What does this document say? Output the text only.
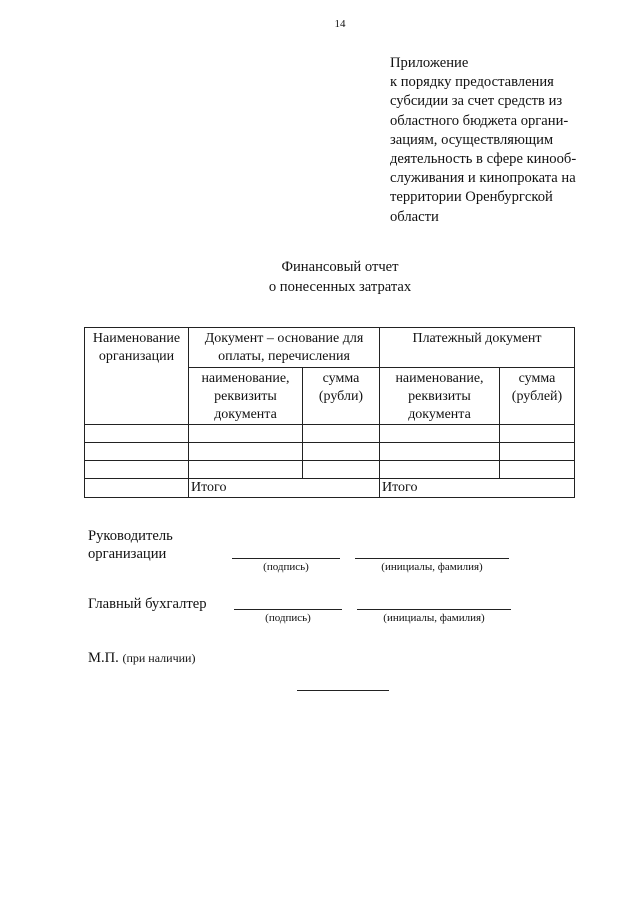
14
Приложение
к порядку предоставления
субсидии за счет средств из
областного бюджета органи-
зациям, осуществляющим
деятельность в сфере кинооб-
служивания и кинопроката на
территории Оренбургской
области
Финансовый отчет
о понесенных затратах
Наименование организации	Документ – основание для оплаты, перечисления		Платежный документ	
	наименование, реквизиты документа	сумма (рубли)	наименование, реквизиты документа	сумма (рублей)

	Итого		Итого	
Руководитель
организации
(подпись)	(инициалы, фамилия)
Главный бухгалтер
(подпись)	(инициалы, фамилия)
М.П. (при наличии)
